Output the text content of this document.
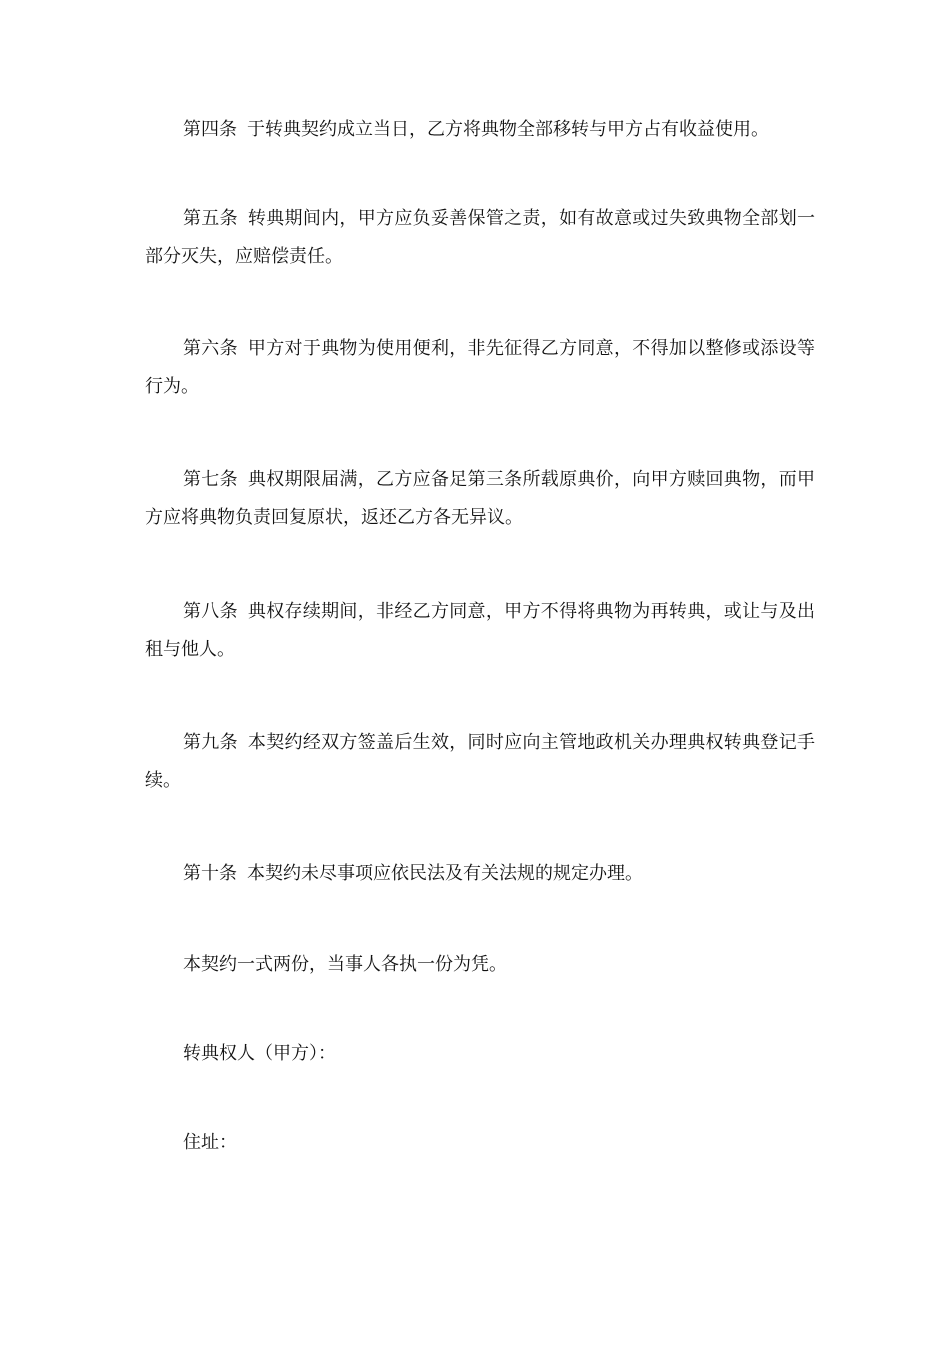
第四条 于转典契约成立当日，乙方将典物全部移转与甲方占有收益使用。

第五条 转典期间内，甲方应负妥善保管之责，如有故意或过失致典物全部划一部分灭失，应赔偿责任。

第六条 甲方对于典物为使用便利，非先征得乙方同意，不得加以整修或添设等行为。

第七条 典权期限届满，乙方应备足第三条所载原典价，向甲方赎回典物，而甲方应将典物负责回复原状，返还乙方各无异议。

第八条 典权存续期间，非经乙方同意，甲方不得将典物为再转典，或让与及出租与他人。

第九条 本契约经双方签盖后生效，同时应向主管地政机关办理典权转典登记手续。

第十条 本契约未尽事项应依民法及有关法规的规定办理。

本契约一式两份，当事人各执一份为凭。

转典权人（甲方）：

住址：
